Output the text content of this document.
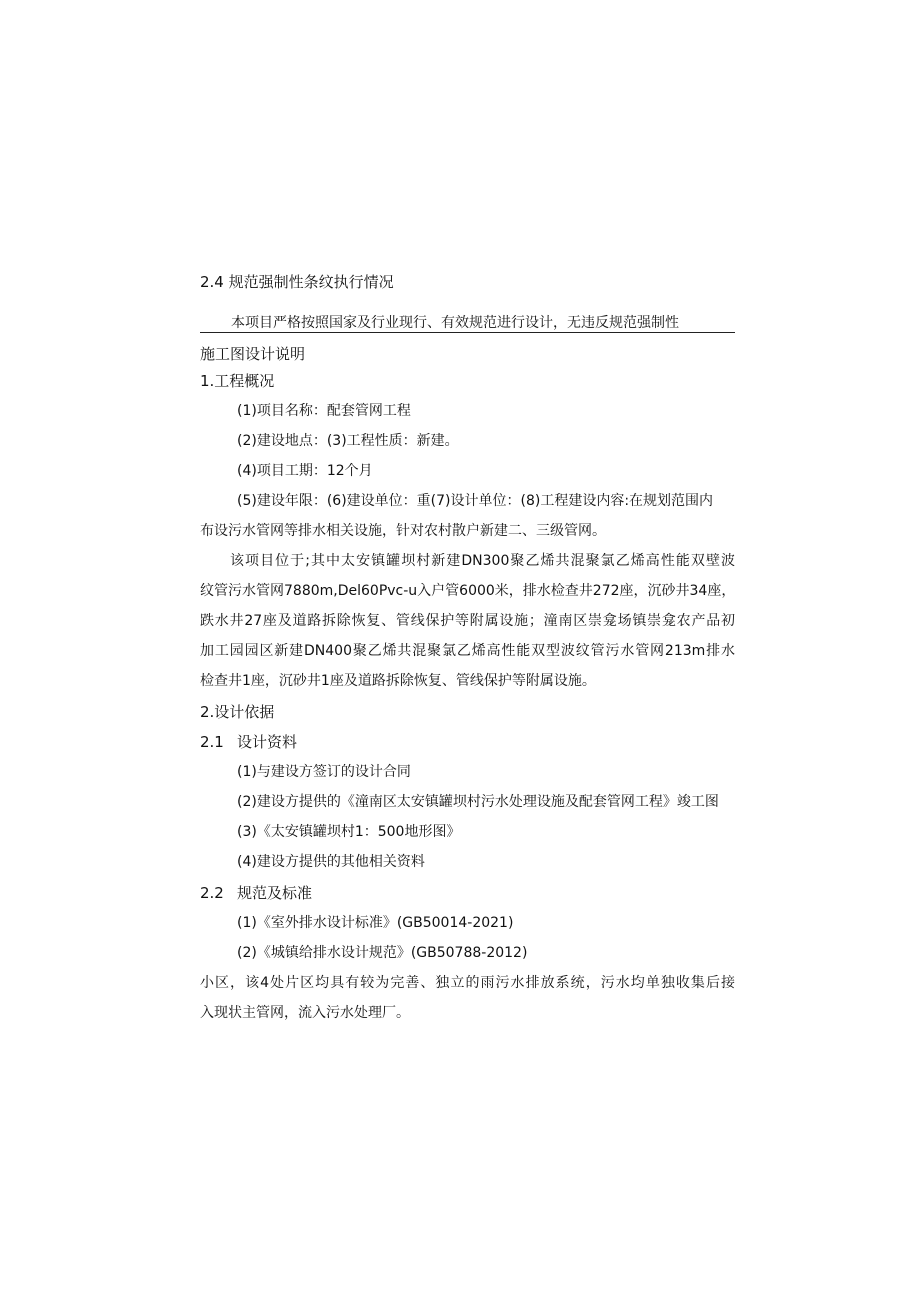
2.4 规范强制性条纹执行情况
本项目严格按照国家及行业现行、有效规范进行设计，无违反规范强制性
施工图设计说明
1.工程概况
(1)项目名称：配套管网工程
(2)建设地点：(3)工程性质：新建。
(4)项目工期：12个月
(5)建设年限：(6)建设单位：重(7)设计单位：(8)工程建设内容:在规划范围内
布设污水管网等排水相关设施，针对农村散户新建二、三级管网。
该项目位于;其中太安镇罐坝村新建DN300聚乙烯共混聚氯乙烯高性能双壁波
纹管污水管网7880m,Del60Pvc-u入户管6000米，排水检查井272座，沉砂井34座，
跌水井27座及道路拆除恢复、管线保护等附属设施；潼南区崇龛场镇崇龛农产品初
加工园园区新建DN400聚乙烯共混聚氯乙烯高性能双型波纹管污水管网213m排水
检查井1座，沉砂井1座及道路拆除恢复、管线保护等附属设施。
2.设计依据
2.1 设计资料
(1)与建设方签订的设计合同
(2)建设方提供的《潼南区太安镇罐坝村污水处理设施及配套管网工程》竣工图
(3)《太安镇罐坝村1：500地形图》
(4)建设方提供的其他相关资料
2.2 规范及标准
(1)《室外排水设计标准》(GB50014-2021)
(2)《城镇给排水设计规范》(GB50788-2012)
小区，该4处片区均具有较为完善、独立的雨污水排放系统，污水均单独收集后接
入现状主管网，流入污水处理厂。
